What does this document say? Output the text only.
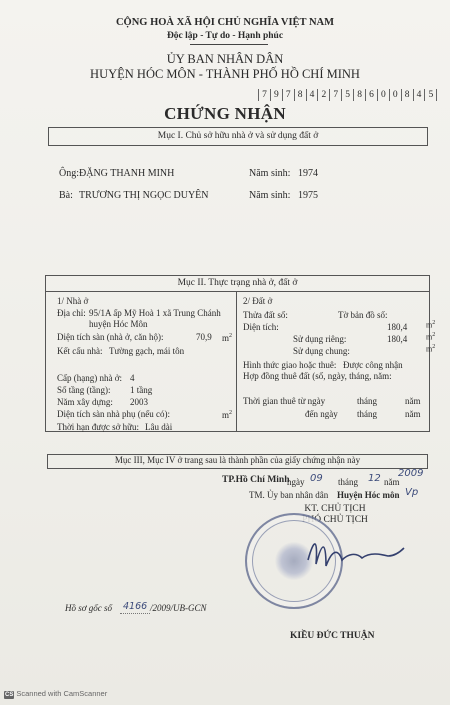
CỘNG HOÀ XÃ HỘI CHỦ NGHĨA VIỆT NAM
Độc lập - Tự do - Hạnh phúc
ỦY BAN NHÂN DÂN
HUYỆN HÓC MÔN - THÀNH PHỐ HỒ CHÍ MINH
7 9 7 8 4 2 7 5 8 6 0 0 8 4 5
CHỨNG NHẬN
Mục I. Chủ sở hữu nhà ở và sử dụng đất ở
Ông: ĐẶNG THANH MINH	Năm sinh: 1974
Bà: TRƯƠNG THỊ NGỌC DUYÊN	Năm sinh: 1975
Mục II. Thực trạng nhà ở, đất ở
1/ Nhà ở
Địa chỉ: 95/1A ấp Mỹ Hoà 1 xã Trung Chánh
huyện Hóc Môn
Diện tích sàn (nhà ở, căn hộ):	70,9 $m^2$
Kết cấu nhà: Tường gạch, mái tôn
Cấp (hạng) nhà ở: 4
Số tầng (tầng): 1 tầng
Năm xây dựng: 2003
Diện tích sàn nhà phụ (nếu có):	$m^2$
Thời hạn được sở hữu: Lâu dài
2/ Đất ở
Thửa đất số:	Tờ bản đồ số:
Diện tích:	180,4 $m^2$
Sử dụng riêng:	180,4 $m^2$
Sử dụng chung:	$m^2$
Hình thức giao hoặc thuê: Được công nhận
Hợp đồng thuê đất (số, ngày, tháng, năm:
Thời gian thuê từ ngày	tháng	năm
đến ngày tháng	năm
Mục III, Mục IV ở trang sau là thành phần của giấy chứng nhận này
TP.Hồ Chí Minh
ngày 09 tháng 12 năm
2009
TM. Ủy ban nhân dân Huyện Hóc môn Vp
KT. CHỦ TỊCH
PHÓ CHỦ TỊCH
Hồ sơ gốc số 4166 /2009/UB-GCN
KIỀU ĐỨC THUẬN
CS Scanned with CamScanner
